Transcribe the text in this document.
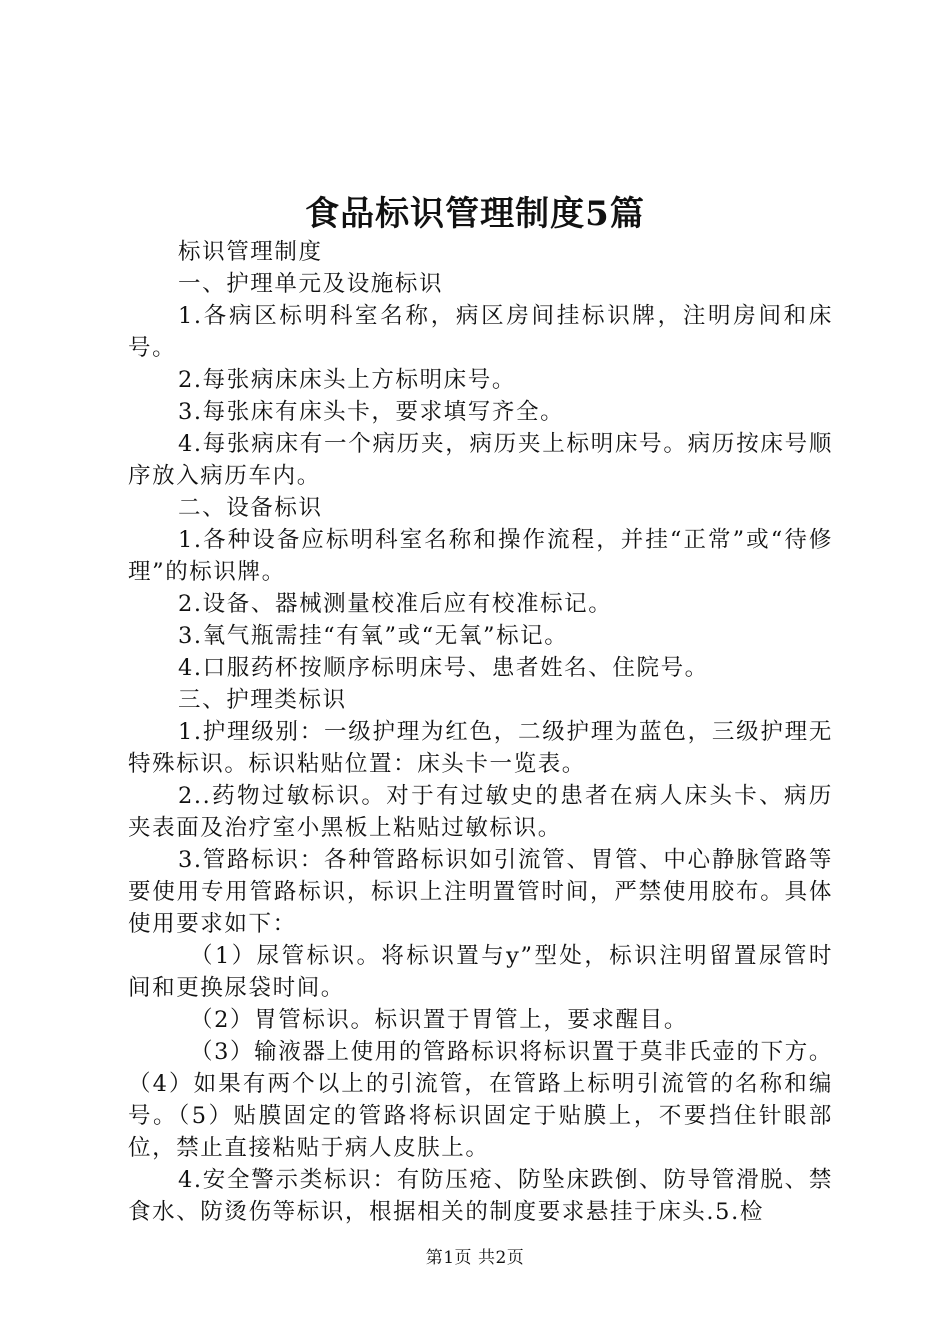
食品标识管理制度5篇

标识管理制度

一、护理单元及设施标识

1.各病区标明科室名称，病区房间挂标识牌，注明房间和床号。

2.每张病床床头上方标明床号。

3.每张床有床头卡，要求填写齐全。

4.每张病床有一个病历夹，病历夹上标明床号。病历按床号顺序放入病历车内。

二、设备标识

1.各种设备应标明科室名称和操作流程，并挂“正常”或“待修理”的标识牌。

2.设备、器械测量校准后应有校准标记。

3.氧气瓶需挂“有氧”或“无氧”标记。

4.口服药杯按顺序标明床号、患者姓名、住院号。

三、护理类标识

1.护理级别：一级护理为红色，二级护理为蓝色，三级护理无特殊标识。标识粘贴位置：床头卡一览表。

2..药物过敏标识。对于有过敏史的患者在病人床头卡、病历夹表面及治疗室小黑板上粘贴过敏标识。

3.管路标识：各种管路标识如引流管、胃管、中心静脉管路等要使用专用管路标识，标识上注明置管时间，严禁使用胶布。具体使用要求如下：

（1）尿管标识。将标识置与y”型处，标识注明留置尿管时间和更换尿袋时间。

（2）胃管标识。标识置于胃管上，要求醒目。

（3）输液器上使用的管路标识将标识置于莫非氏壶的下方。（4）如果有两个以上的引流管，在管路上标明引流管的名称和编号。（5）贴膜固定的管路将标识固定于贴膜上，不要挡住针眼部位，禁止直接粘贴于病人皮肤上。

4.安全警示类标识：有防压疮、防坠床跌倒、防导管滑脱、禁食水、防烫伤等标识，根据相关的制度要求悬挂于床头.5.检

第1页 共2页
